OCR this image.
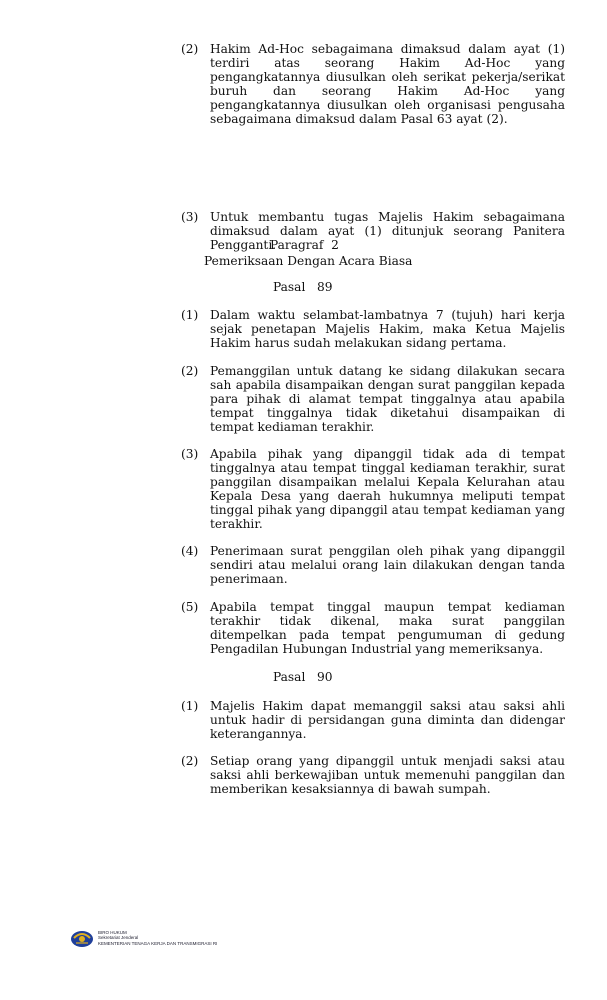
(2) Hakim Ad-Hoc sebagaimana dimaksud dalam ayat (1) terdiri atas seorang Hakim Ad-Hoc yang pengangkatannya diusulkan oleh serikat pekerja/serikat buruh dan seorang Hakim Ad-Hoc yang pengangkatannya diusulkan oleh organisasi pengusaha sebagaimana dimaksud dalam Pasal 63 ayat (2).
(3) Untuk membantu tugas Majelis Hakim sebagaimana dimaksud dalam ayat (1) ditunjuk seorang Panitera Pengganti.
Paragraf  2
Pemeriksaan Dengan Acara Biasa
Pasal   89
(1) Dalam waktu selambat-lambatnya 7 (tujuh) hari kerja sejak penetapan Majelis Hakim, maka Ketua Majelis Hakim harus sudah melakukan sidang pertama.
(2) Pemanggilan untuk datang ke sidang dilakukan secara sah apabila disampaikan dengan surat panggilan kepada para pihak di alamat tempat tinggalnya atau apabila tempat tinggalnya tidak diketahui disampaikan di tempat kediaman terakhir.
(3) Apabila pihak yang dipanggil tidak ada di tempat tinggalnya atau tempat tinggal kediaman terakhir, surat panggilan disampaikan melalui Kepala Kelurahan atau Kepala Desa yang daerah hukumnya meliputi tempat tinggal pihak yang dipanggil atau tempat kediaman yang terakhir.
(4) Penerimaan surat penggilan oleh pihak yang dipanggil sendiri atau melalui orang lain dilakukan dengan tanda penerimaan.
(5) Apabila tempat tinggal maupun tempat kediaman terakhir tidak dikenal, maka surat panggilan ditempelkan pada tempat pengumuman di gedung Pengadilan Hubungan Industrial yang memeriksanya.
Pasal   90
(1) Majelis Hakim dapat memanggil saksi atau saksi ahli untuk hadir di persidangan guna diminta dan didengar keterangannya.
(2) Setiap orang yang dipanggil untuk menjadi saksi atau saksi ahli berkewajiban untuk memenuhi panggilan dan memberikan kesaksiannya di bawah sumpah.
BIRO HUKUM
Sekretariat Jenderal
KEMENTERIAN TENAGA KERJA DAN TRANSMIGRASI RI
